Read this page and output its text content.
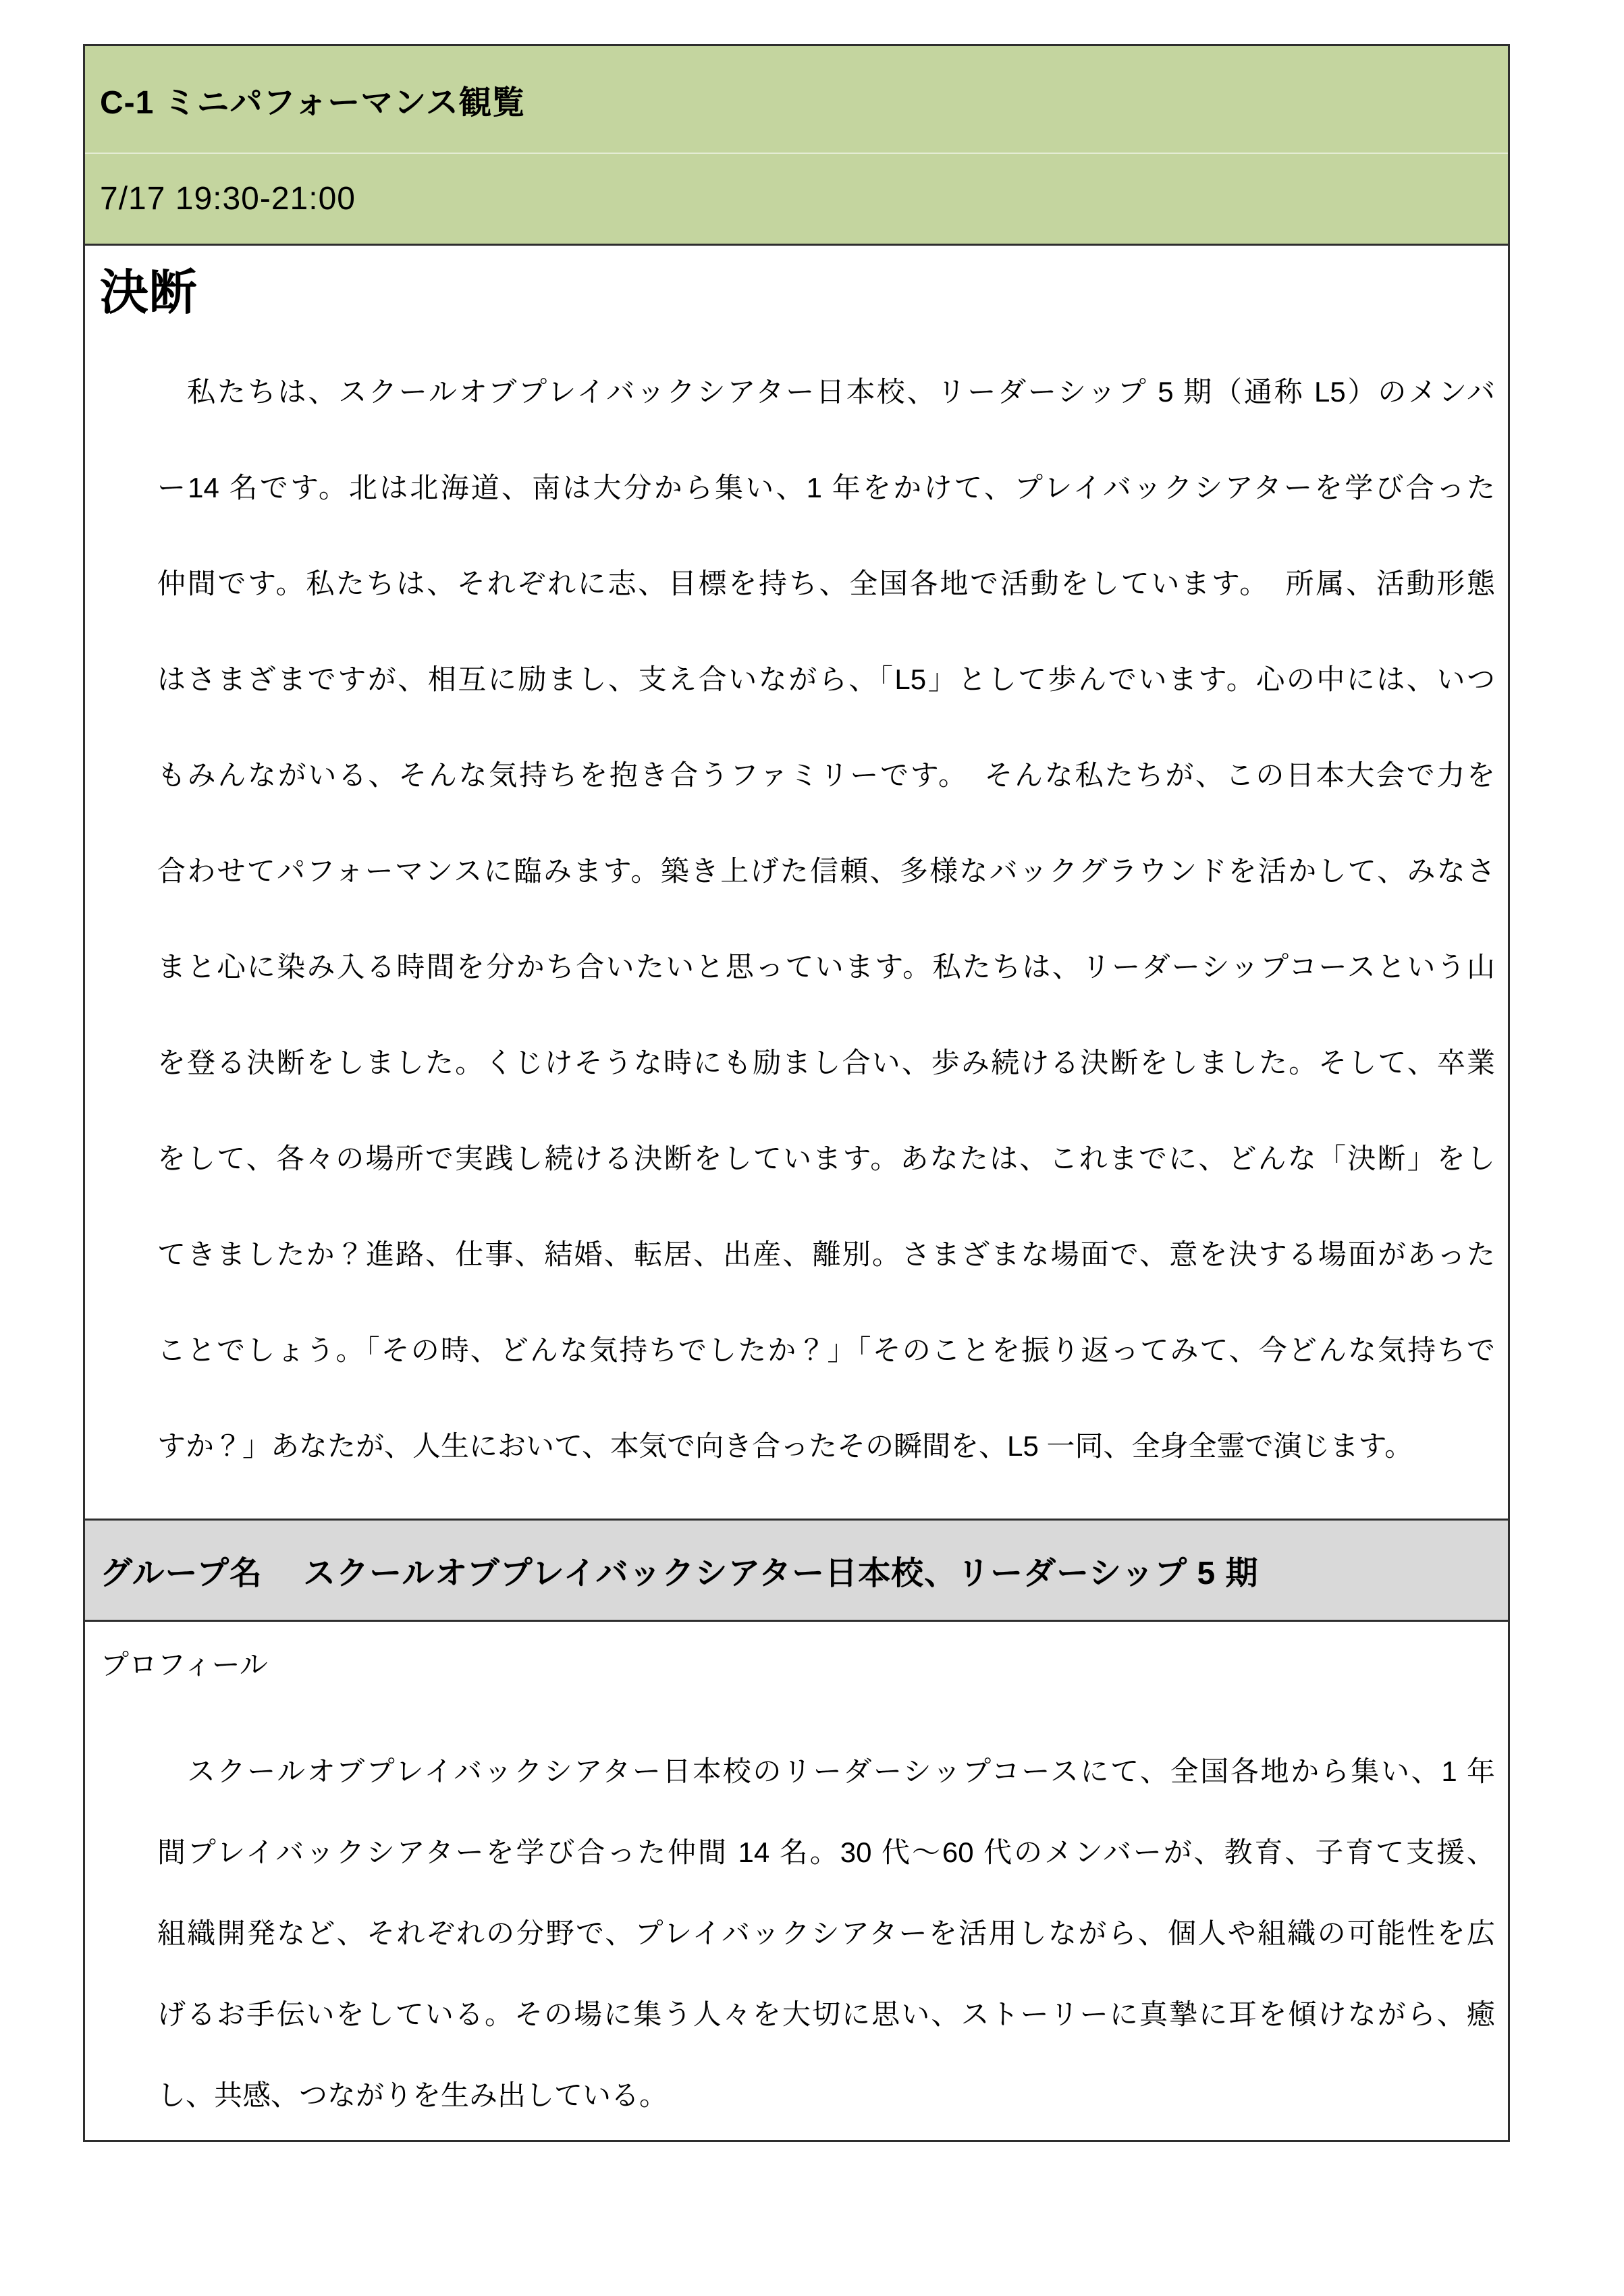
C-1 ミニパフォーマンス観覧
7/17 19:30-21:00
決断
私たちは、スクールオブプレイバックシアター日本校、リーダーシップ 5 期（通称 L5）のメンバ
ー14 名です。北は北海道、南は大分から集い、1 年をかけて、プレイバックシアターを学び合った
仲間です。私たちは、それぞれに志、目標を持ち、全国各地で活動をしています。　所属、活動形態
はさまざまですが、相互に励まし、支え合いながら、「L5」として歩んでいます。心の中には、いつ
もみんながいる、そんな気持ちを抱き合うファミリーです。　そんな私たちが、この日本大会で力を
合わせてパフォーマンスに臨みます。築き上げた信頼、多様なバックグラウンドを活かして、みなさ
まと心に染み入る時間を分かち合いたいと思っています。私たちは、リーダーシップコースという山
を登る決断をしました。くじけそうな時にも励まし合い、歩み続ける決断をしました。そして、卒業
をして、各々の場所で実践し続ける決断をしています。あなたは、これまでに、どんな「決断」をし
てきましたか？進路、仕事、結婚、転居、出産、離別。さまざまな場面で、意を決する場面があった
ことでしょう。「その時、どんな気持ちでしたか？」「そのことを振り返ってみて、今どんな気持ちで
すか？」あなたが、人生において、本気で向き合ったその瞬間を、L5 一同、全身全霊で演じます。
グループ名 スクールオブプレイバックシアター日本校、リーダーシップ 5 期
プロフィール
スクールオブプレイバックシアター日本校のリーダーシップコースにて、全国各地から集い、1 年
間プレイバックシアターを学び合った仲間 14 名。30 代～60 代のメンバーが、教育、子育て支援、
組織開発など、それぞれの分野で、プレイバックシアターを活用しながら、個人や組織の可能性を広
げるお手伝いをしている。その場に集う人々を大切に思い、ストーリーに真摯に耳を傾けながら、癒
し、共感、つながりを生み出している。
